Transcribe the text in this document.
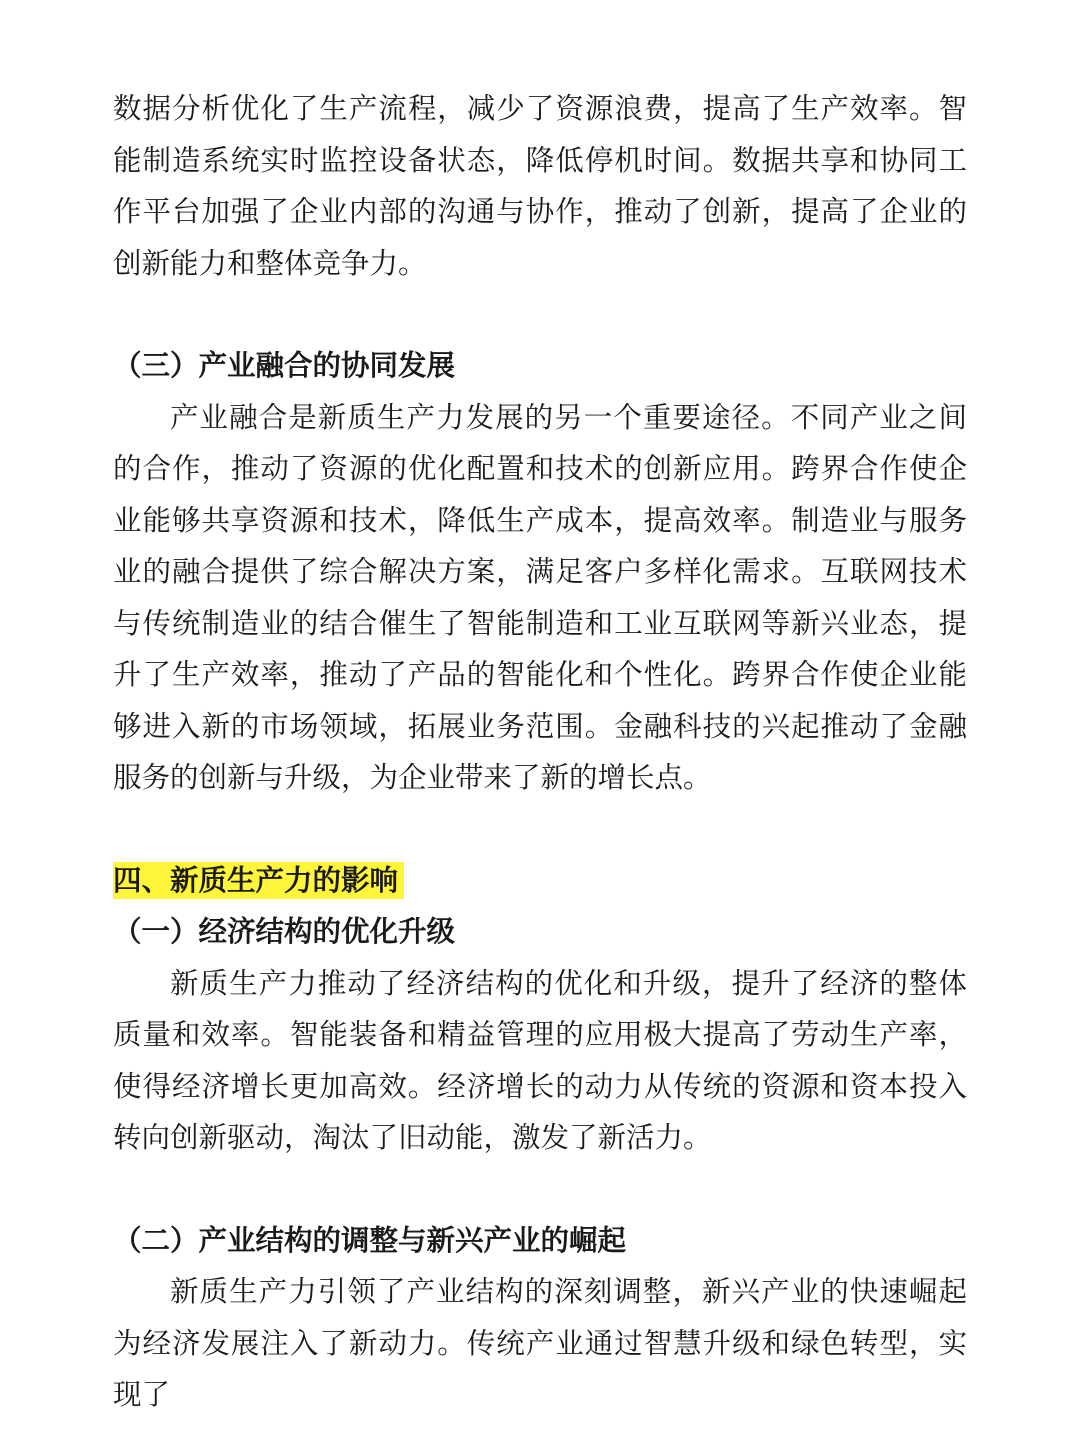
数据分析优化了生产流程，减少了资源浪费，提高了生产效率。智能制造系统实时监控设备状态，降低停机时间。数据共享和协同工作平台加强了企业内部的沟通与协作，推动了创新，提高了企业的创新能力和整体竞争力。

（三）产业融合的协同发展

产业融合是新质生产力发展的另一个重要途径。不同产业之间的合作，推动了资源的优化配置和技术的创新应用。跨界合作使企业能够共享资源和技术，降低生产成本，提高效率。制造业与服务业的融合提供了综合解决方案，满足客户多样化需求。互联网技术与传统制造业的结合催生了智能制造和工业互联网等新兴业态，提升了生产效率，推动了产品的智能化和个性化。跨界合作使企业能够进入新的市场领域，拓展业务范围。金融科技的兴起推动了金融服务的创新与升级，为企业带来了新的增长点。

四、新质生产力的影响
（一）经济结构的优化升级

新质生产力推动了经济结构的优化和升级，提升了经济的整体质量和效率。智能装备和精益管理的应用极大提高了劳动生产率，使得经济增长更加高效。经济增长的动力从传统的资源和资本投入转向创新驱动，淘汰了旧动能，激发了新活力。

（二）产业结构的调整与新兴产业的崛起

新质生产力引领了产业结构的深刻调整，新兴产业的快速崛起为经济发展注入了新动力。传统产业通过智慧升级和绿色转型，实现了
